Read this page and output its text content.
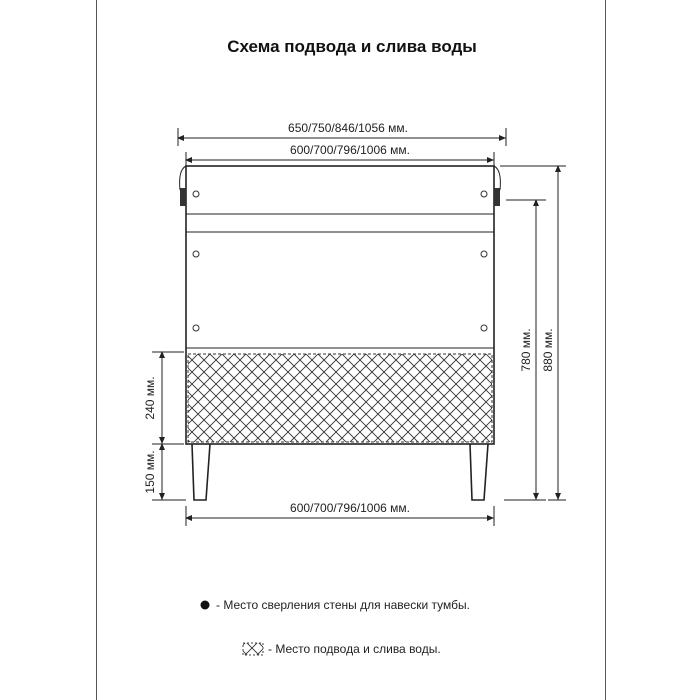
Схема подвода и слива воды
650/750/846/1056 мм.
600/700/796/1006 мм.
600/700/796/1006 мм.
780 мм. 880 мм.
240 мм.
150 мм.
- Место сверления стены для навески тумбы.
- Место подвода и слива воды.
